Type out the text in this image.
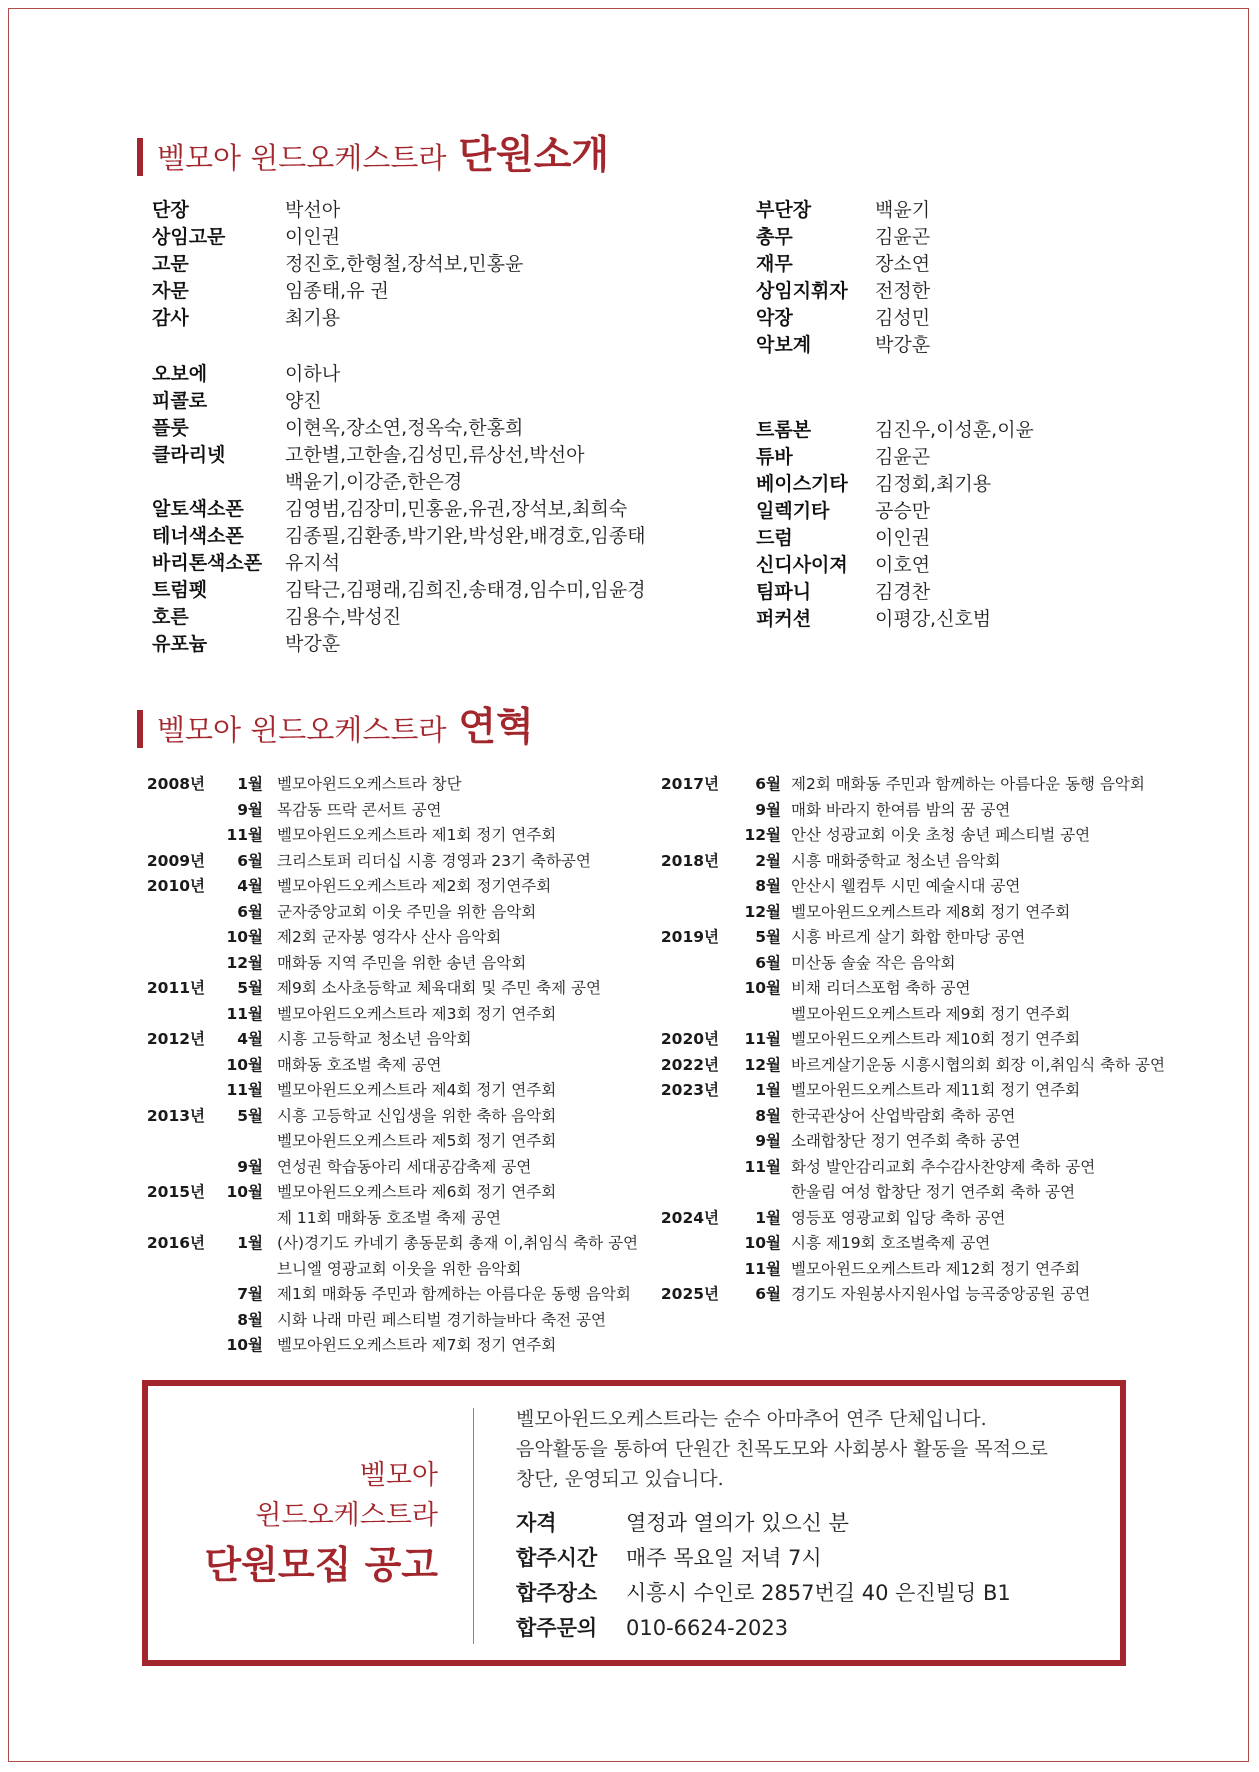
벨모아 윈드오케스트라 단원소개
단장	박선아
상임고문	이인권
고문	정진호,한형철,장석보,민홍윤
자문	임종태,유 권
감사	최기용
오보에	이하나
피콜로	양진
플룻	이현옥,장소연,정옥숙,한홍희
클라리넷	고한별,고한솔,김성민,류상선,박선아
백윤기,이강준,한은경
알토색소폰	김영범,김장미,민홍윤,유권,장석보,최희숙
테너색소폰	김종필,김환종,박기완,박성완,배경호,임종태
바리톤색소폰 유지석
트럼펫	김탁근,김평래,김희진,송태경,임수미,임윤경
호른	김용수,박성진
유포늄	박강훈
부단장	백윤기
총무	김윤곤
재무	장소연
상임지휘자	전정한
악장	김성민
악보계	박강훈
트롬본	김진우,이성훈,이윤
튜바	김윤곤
베이스기타	김정회,최기용
일렉기타	공승만
드럼	이인권
신디사이져	이호연
팀파니	김경찬
퍼커션	이평강,신호범
벨모아 윈드오케스트라 연혁
2008년	1월 벨모아윈드오케스트라 창단
9월 목감동 뜨락 콘서트 공연
11월 벨모아윈드오케스트라 제1회 정기 연주회
2009년	6월 크리스토퍼 리더십 시흥 경영과 23기 축하공연
2010년	4월 벨모아윈드오케스트라 제2회 정기연주회
6월 군자중앙교회 이웃 주민을 위한 음악회
10월 제2회 군자봉 영각사 산사 음악회
12월 매화동 지역 주민을 위한 송년 음악회
2011년	5월 제9회 소사초등학교 체육대회 및 주민 축제 공연
11월 벨모아윈드오케스트라 제3회 정기 연주회
2012년	4월 시흥 고등학교 청소년 음악회
10월 매화동 호조벌 축제 공연
11월 벨모아윈드오케스트라 제4회 정기 연주회
2013년	5월 시흥 고등학교 신입생을 위한 축하 음악회
벨모아윈드오케스트라 제5회 정기 연주회
9월 연성권 학습동아리 세대공감축제 공연
2015년	10월 벨모아윈드오케스트라 제6회 정기 연주회
제 11회 매화동 호조벌 축제 공연
2016년	1월 (사)경기도 카네기 총동문회 총재 이,취임식 축하 공연
브니엘 영광교회 이웃을 위한 음악회
7월 제1회 매화동 주민과 함께하는 아름다운 동행 음악회
8월 시화 나래 마린 페스티벌 경기하늘바다 축전 공연
10월 벨모아윈드오케스트라 제7회 정기 연주회
2017년	6월 제2회 매화동 주민과 함께하는 아름다운 동행 음악회
9월 매화 바라지 한여름 밤의 꿈 공연
12월 안산 성광교회 이웃 초청 송년 페스티벌 공연
2018년	2월 시흥 매화중학교 청소년 음악회
8월 안산시 웰컴투 시민 예술시대 공연
12월 벨모아윈드오케스트라 제8회 정기 연주회
2019년	5월 시흥 바르게 살기 화합 한마당 공연
6월 미산동 솔숲 작은 음악회
10월 비채 리더스포험 축하 공연
벨모아윈드오케스트라 제9회 정기 연주회
2020년	11월 벨모아윈드오케스트라 제10회 정기 연주회
2022년	12월 바르게살기운동 시흥시협의회 회장 이,취임식 축하 공연
2023년	1월 벨모아윈드오케스트라 제11회 정기 연주회
8월 한국관상어 산업박람회 축하 공연
9월 소래합창단 정기 연주회 축하 공연
11월 화성 발안감리교회 추수감사찬양제 축하 공연
한울림 여성 합창단 정기 연주회 축하 공연
2024년	1월 영등포 영광교회 입당 축하 공연
10월 시흥 제19회 호조벌축제 공연
11월 벨모아윈드오케스트라 제12회 정기 연주회
2025년	6월 경기도 자원봉사지원사업 능곡중앙공원 공연
벨모아
윈드오케스트라
단원모집 공고
벨모아윈드오케스트라는 순수 아마추어 연주 단체입니다.
음악활동을 통하여 단원간 친목도모와 사회봉사 활동을 목적으로
창단, 운영되고 있습니다.
자격	열정과 열의가 있으신 분
합주시간	매주 목요일 저녁 7시
합주장소	시흥시 수인로 2857번길 40 은진빌딩 B1
합주문의	010-6624-2023
